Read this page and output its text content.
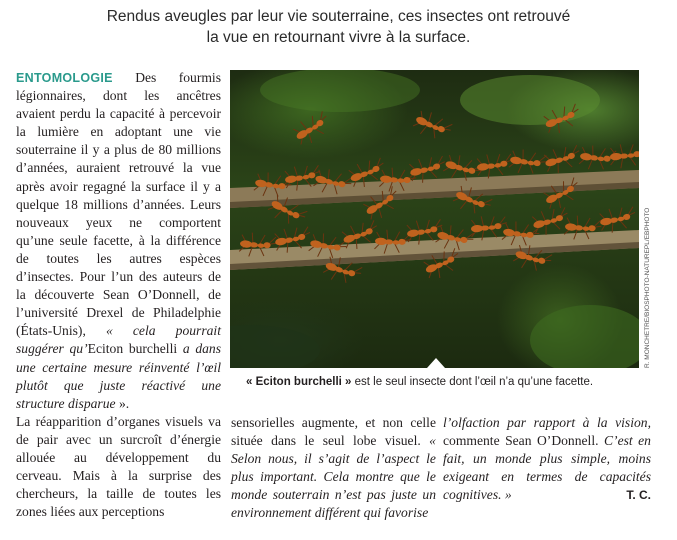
Rendus aveugles par leur vie souterraine, ces insectes ont retrouvé
la vue en retournant vivre à la surface.
R. MONCHETRE/BIOSPHOTO-NATUREPL/EBPHOTO
« Eciton burchelli » est le seul insecte dont l’œil n’a qu’une facette.

ENTOMOLOGIE Des fourmis légionnaires, dont les ancêtres avaient perdu la capacité à percevoir la lumière en adoptant une vie souterraine il y a plus de 80 millions d’années, auraient retrouvé la vue après avoir regagné la surface il y a quelque 18 millions d’années. Leurs nouveaux yeux ne comportent qu’une seule facette, à la différence de toutes les autres espèces d’insectes. Pour l’un des auteurs de la découverte Sean O’Donnell, de l’université Drexel de Philadelphie (États-Unis), « cela pourrait suggérer qu’Eciton burchelli a dans une certaine mesure réinventé l’œil plutôt que juste réactivé une structure disparue ».

La réapparition d’organes visuels va de pair avec un surcroît d’énergie allouée au développement du cerveau. Mais à la surprise des chercheurs, la taille de toutes les zones liées aux perceptions

sensorielles augmente, et non celle située dans le seul lobe visuel. « Selon nous, il s’agit de l’aspect le plus important. Cela montre que le monde souterrain n’est pas juste un environnement différent qui favorise
l’olfaction par rapport à la vision, commente Sean O’Donnell. C’est en fait, un monde plus simple, moins exigeant en termes de capacités cognitives. »	T. C.
